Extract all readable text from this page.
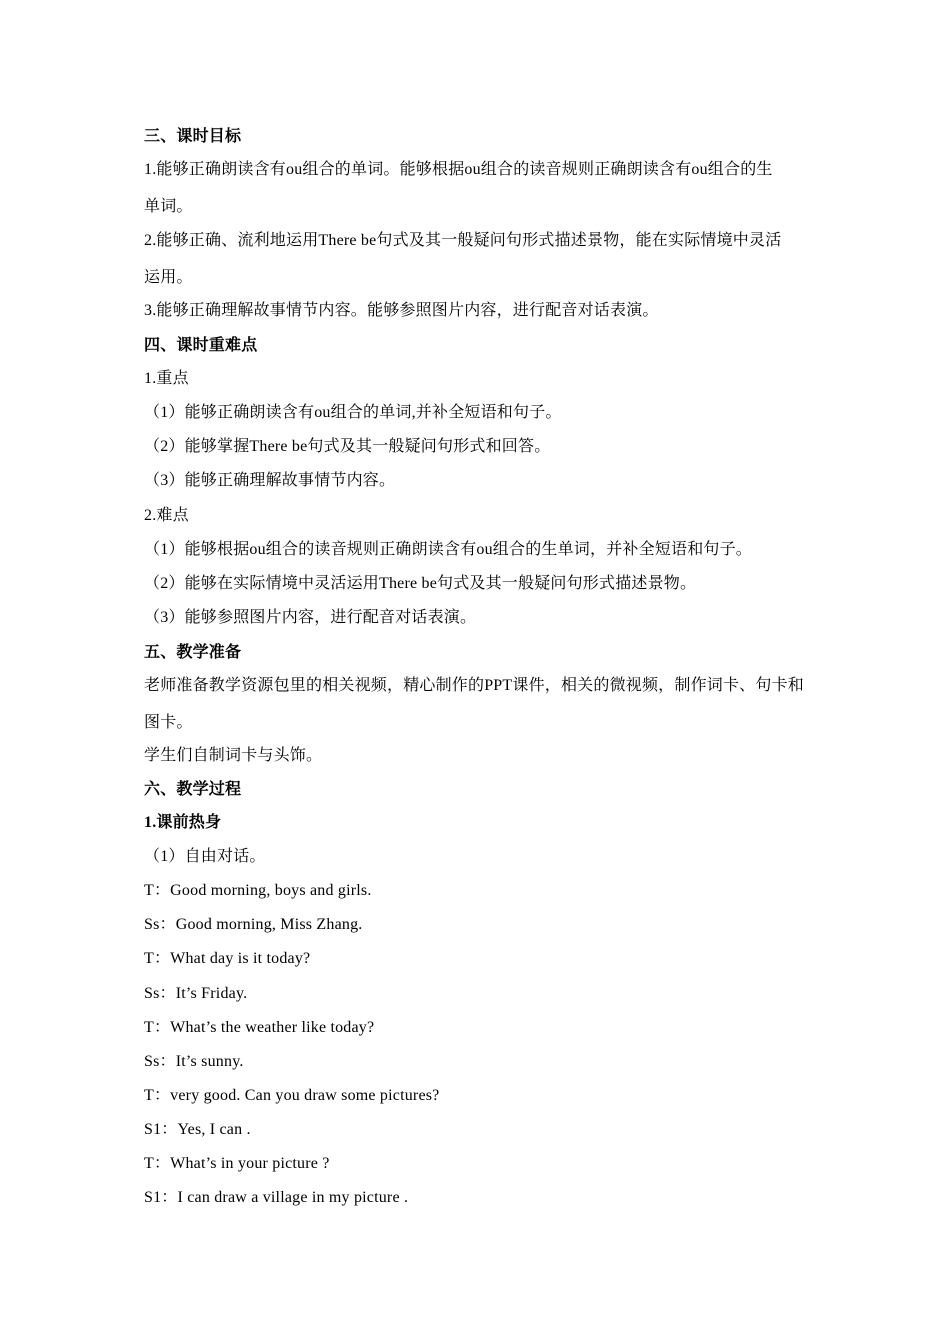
三、课时目标
1.能够正确朗读含有ou组合的单词。能够根据ou组合的读音规则正确朗读含有ou组合的生
单词。
2.能够正确、流利地运用There be句式及其一般疑问句形式描述景物，能在实际情境中灵活
运用。
3.能够正确理解故事情节内容。能够参照图片内容，进行配音对话表演。
四、课时重难点
1.重点
（1）能够正确朗读含有ou组合的单词,并补全短语和句子。
（2）能够掌握There be句式及其一般疑问句形式和回答。
（3）能够正确理解故事情节内容。
2.难点
（1）能够根据ou组合的读音规则正确朗读含有ou组合的生单词，并补全短语和句子。
（2）能够在实际情境中灵活运用There be句式及其一般疑问句形式描述景物。
（3）能够参照图片内容，进行配音对话表演。
五、教学准备
老师准备教学资源包里的相关视频，精心制作的PPT课件，相关的微视频，制作词卡、句卡和
图卡。
学生们自制词卡与头饰。
六、教学过程
1.课前热身
（1）自由对话。
T：Good morning, boys and girls.
Ss：Good morning, Miss Zhang.
T：What day is it today?
Ss：It’s Friday.
T：What’s the weather like today?
Ss：It’s sunny.
T：very good. Can you draw some pictures?
S1：Yes, I can .
T：What’s in your picture ?
S1：I can draw a village in my picture .
